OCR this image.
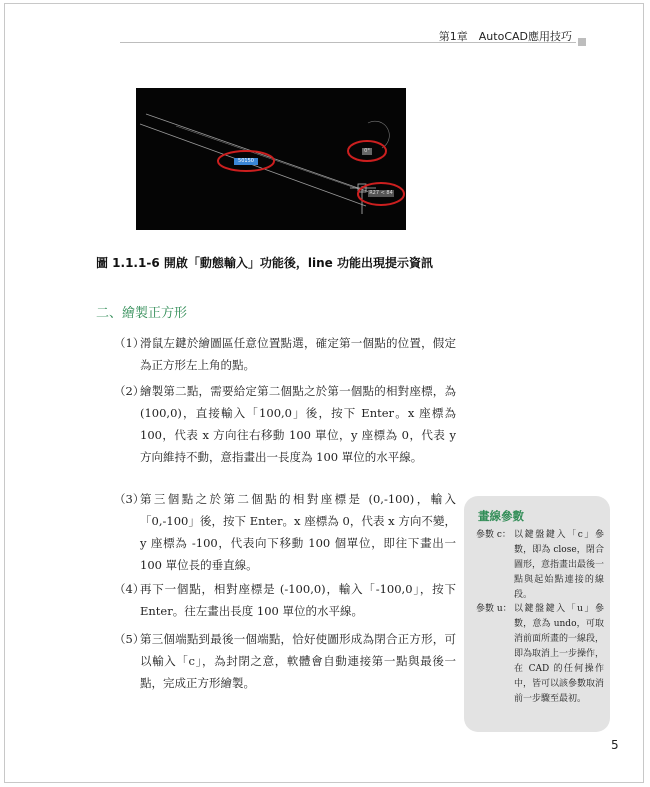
第1章　AutoCAD應用技巧
50150
0°
R27 < 84
圖 1.1.1-6 開啟「動態輸入」功能後，line 功能出現提示資訊
二、繪製正方形
（1）
滑鼠左鍵於繪圖區任意位置點選，確定第一個點的位置，假定為正方形左上角的點。
（2）
繪製第二點，需要給定第二個點之於第一個點的相對座標，為 (100,0)，直接輸入「100,0」後，按下 Enter。x 座標為 100，代表 x 方向往右移動 100 單位，y 座標為 0，代表 y 方向維持不動，意指畫出一長度為 100 單位的水平線。
（3）
第三個點之於第二個點的相對座標是 (0,-100)，輸入「0,-100」後，按下 Enter。x 座標為 0，代表 x 方向不變，y 座標為 -100，代表向下移動 100 個單位，即往下畫出一 100 單位長的垂直線。
（4）
再下一個點，相對座標是 (-100,0)，輸入「-100,0」，按下 Enter。往左畫出長度 100 單位的水平線。
（5）
第三個端點到最後一個端點，恰好使圖形成為閉合正方形，可以輸入「c」，為封閉之意，軟體會自動連接第一點與最後一點，完成正方形繪製。
畫線參數
參數 c： 以鍵盤鍵入「c」參數，即為 close，閉合圖形，意指畫出最後一點與起始點連接的線段。
參數 u： 以鍵盤鍵入「u」參數，意為 undo，可取消前面所畫的一線段，即為取消上一步操作，在 CAD 的任何操作中，皆可以該參數取消前一步驟至最初。
5
